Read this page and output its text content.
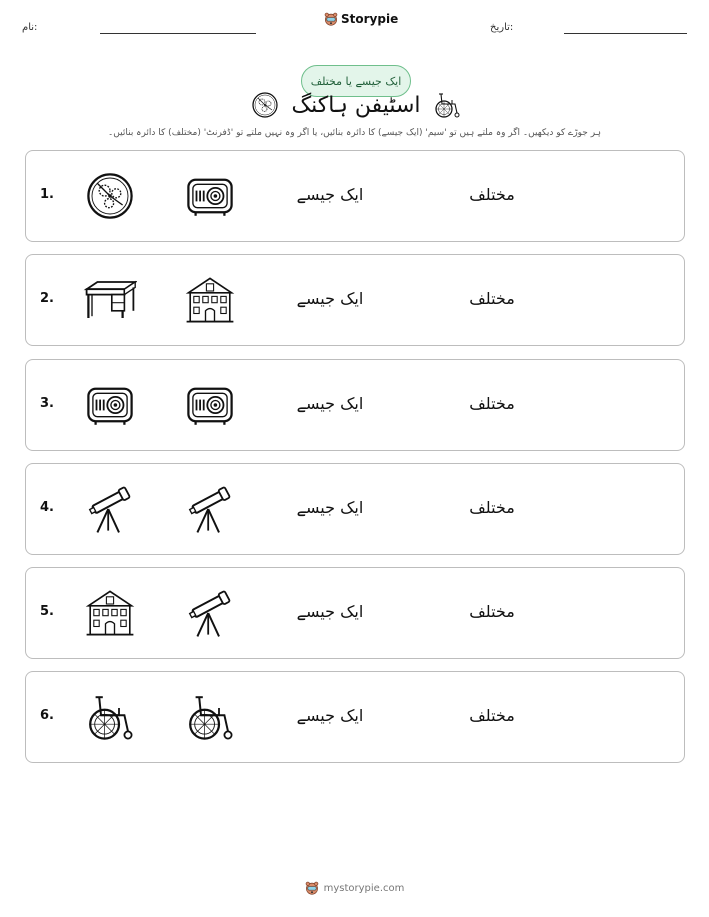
نام:
Storypie
تاریخ:
ایک جیسے یا مختلف
اسٹیفن ہاکنگ
ہر جوڑے کو دیکھیں۔ اگر وہ ملتے ہیں تو 'سیم' (ایک جیسے) کا دائرہ بنائیں، یا اگر وہ نہیں ملتے تو 'ڈفرنٹ' (مختلف) کا دائرہ بنائیں۔
1.	ایک جیسے	مختلف
2.	ایک جیسے	مختلف
3.	ایک جیسے	مختلف
4.	ایک جیسے	مختلف
5.	ایک جیسے	مختلف
6.	ایک جیسے	مختلف
mystorypie.com
